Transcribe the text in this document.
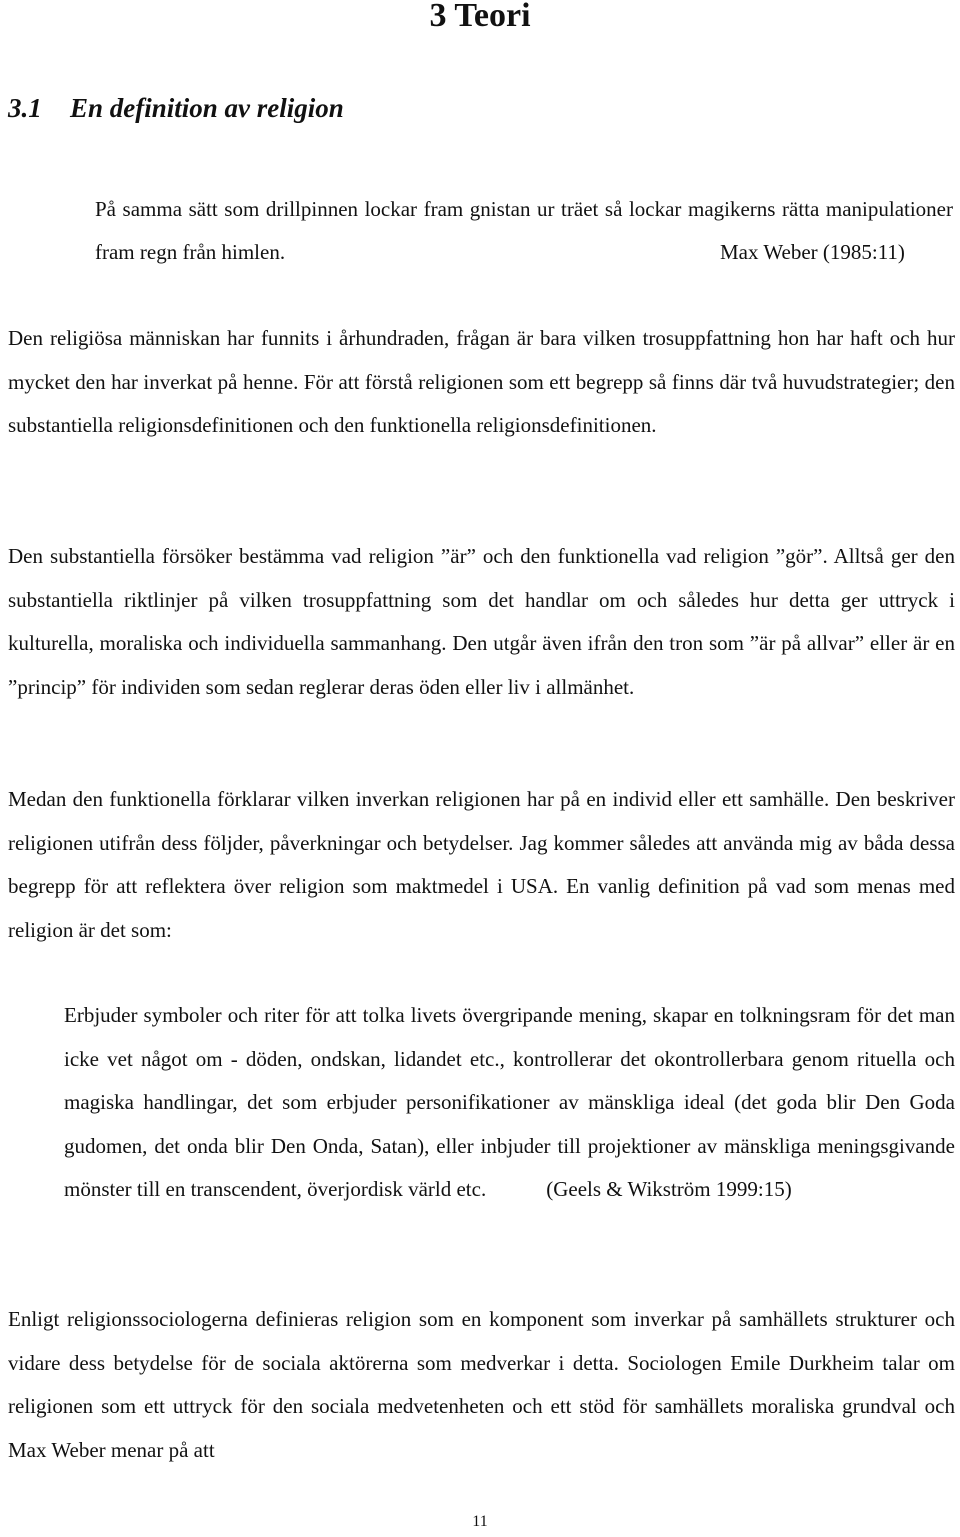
3 Teori
3.1 En definition av religion
På samma sätt som drillpinnen lockar fram gnistan ur träet så lockar magikerns rätta manipulationer fram regn från himlen.	Max Weber (1985:11)

Den religiösa människan har funnits i århundraden, frågan är bara vilken trosuppfattning hon har haft och hur mycket den har inverkat på henne. För att förstå religionen som ett begrepp så finns där två huvudstrategier; den substantiella religionsdefinitionen och den funktionella religionsdefinitionen.

Den substantiella försöker bestämma vad religion ”är” och den funktionella vad religion ”gör”. Alltså ger den substantiella riktlinjer på vilken trosuppfattning som det handlar om och således hur detta ger uttryck i kulturella, moraliska och individuella sammanhang. Den utgår även ifrån den tron som ”är på allvar” eller är en ”princip” för individen som sedan reglerar deras öden eller liv i allmänhet.

Medan den funktionella förklarar vilken inverkan religionen har på en individ eller ett samhälle. Den beskriver religionen utifrån dess följder, påverkningar och betydelser. Jag kommer således att använda mig av båda dessa begrepp för att reflektera över religion som maktmedel i USA. En vanlig definition på vad som menas med religion är det som:

Erbjuder symboler och riter för att tolka livets övergripande mening, skapar en tolkningsram för det man icke vet något om - döden, ondskan, lidandet etc., kontrollerar det okontrollerbara genom rituella och magiska handlingar, det som erbjuder personifikationer av mänskliga ideal (det goda blir Den Goda gudomen, det onda blir Den Onda, Satan), eller inbjuder till projektioner av mänskliga meningsgivande mönster till en transcendent, överjordisk värld etc.	(Geels & Wikström 1999:15)

Enligt religionssociologerna definieras religion som en komponent som inverkar på samhällets strukturer och vidare dess betydelse för de sociala aktörerna som medverkar i detta. Sociologen Emile Durkheim talar om religionen som ett uttryck för den sociala medvetenheten och ett stöd för samhällets moraliska grundval och Max Weber menar på att

11
